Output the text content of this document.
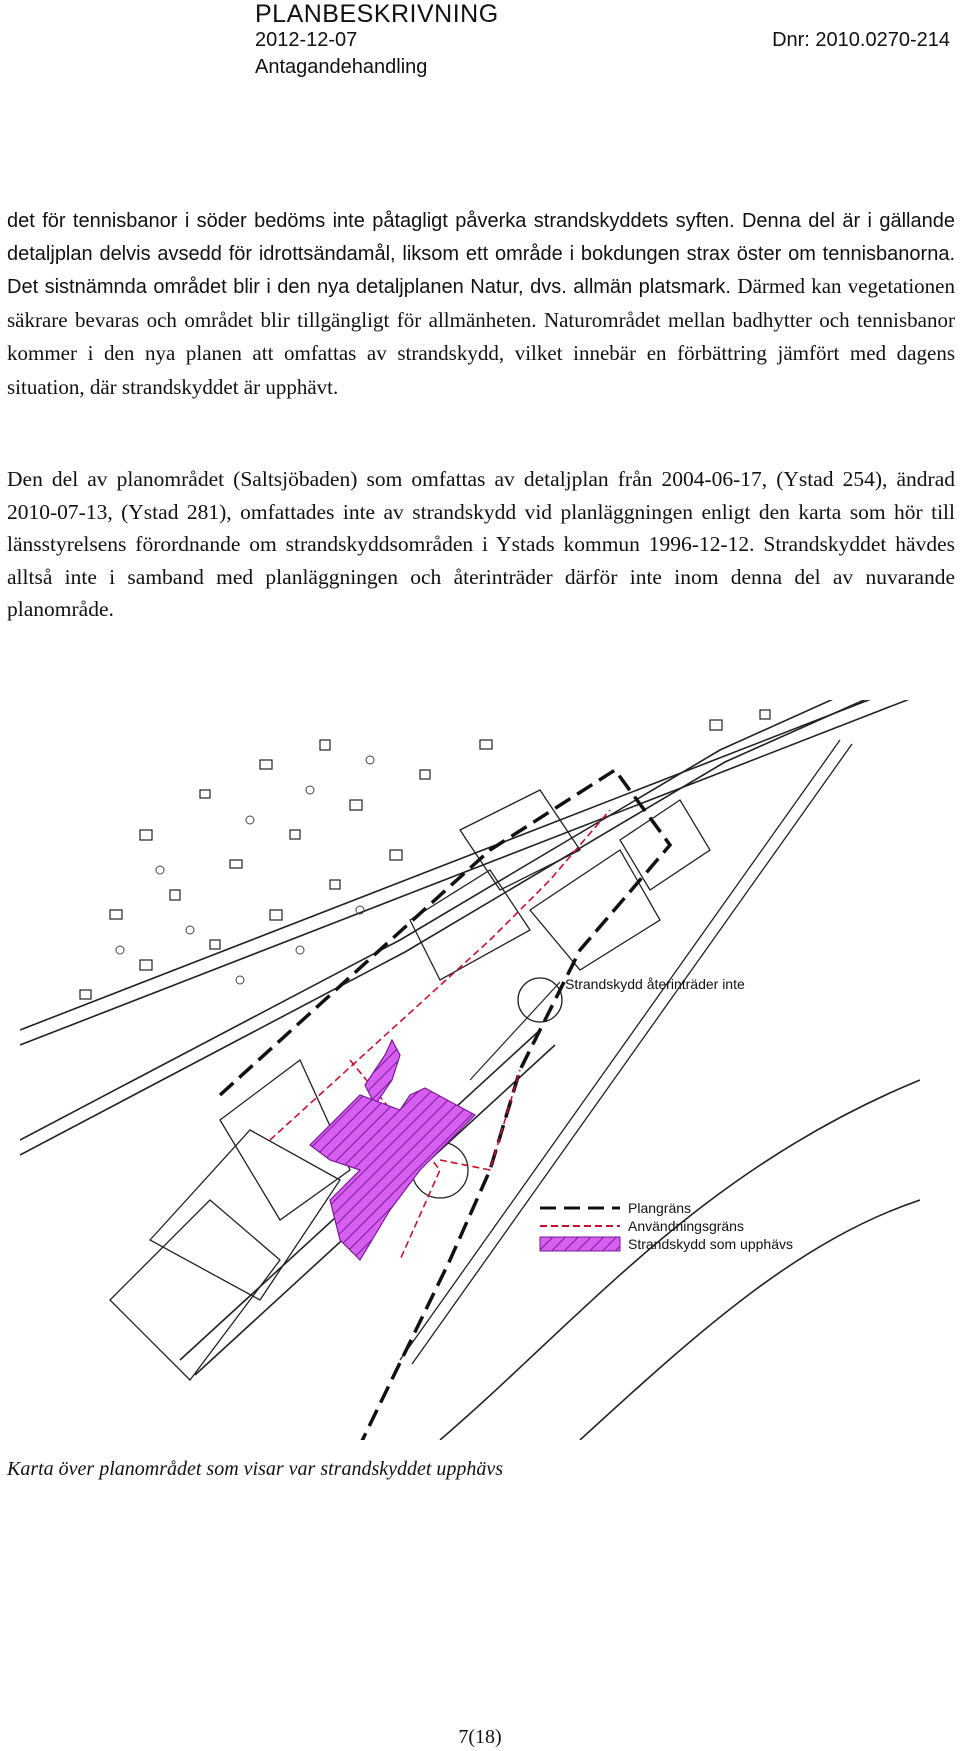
PLANBESKRIVNING
2012-12-07	Dnr: 2010.0270-214
Antagandehandling

det för tennisbanor i söder bedöms inte påtagligt påverka strandskyddets syften. Denna del är i gällande detaljplan delvis avsedd för idrottsändamål, liksom ett område i bokdungen strax öster om tennisbanorna. Det sistnämnda området blir i den nya detaljplanen Natur, dvs. allmän platsmark. Därmed kan vegetationen säkrare bevaras och området blir tillgängligt för allmänheten. Naturområdet mellan badhytter och tennisbanor kommer i den nya planen att omfattas av strandskydd, vilket innebär en förbättring jämfört med dagens situation, där strandskyddet är upphävt.

Den del av planområdet (Saltsjöbaden) som omfattas av detaljplan från 2004-06-17, (Ystad 254), ändrad 2010-07-13, (Ystad 281), omfattades inte av strandskydd vid planläggningen enligt den karta som hör till länsstyrelsens förordnande om strandskyddsområden i Ystads kommun 1996-12-12. Strandskyddet hävdes alltså inte i samband med planläggningen och återinträder därför inte inom denna del av nuvarande planområde.

Strandskydd återinträder inte
Plangräns
Användningsgräns
Strandskydd som upphävs
Karta över planområdet som visar var strandskyddet upphävs
7(18)
